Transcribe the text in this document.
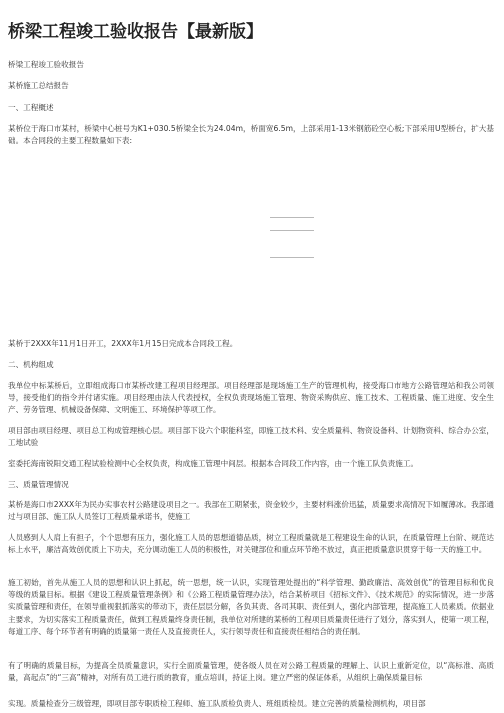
桥梁工程竣工验收报告【最新版】

桥梁工程竣工验收报告

某桥施工总结报告

一、工程概述

某桥位于海口市某村，桥梁中心桩号为K1+030.5桥梁全长为24.04m，桥面宽6.5m，上部采用1-13米钢筋砼空心板;下部采用U型桥台，扩大基础。本合同段的主要工程数量如下表:

某桥于2XXX年11月1日开工，2XXX年1月15日完成本合同段工程。

二、机构组成

我单位中标某桥后，立即组成海口市某桥改建工程项目经理部。项目经理部是现场施工生产的管理机构，接受海口市地方公路管理站和我公司领导，接受他们的指令并付诸实施。项目经理由法人代表授权，全权负责现场施工管理、物资采购供应、施工技术、工程质量、施工进度、安全生产、劳务管理、机械设备保障、文明施工、环境保护等项工作。

项目部由项目经理、项目总工构成管理核心层。项目部下设六个职能科室，即施工技术科、安全质量科、物资设备科、计划物资科、综合办公室，工地试验

室委托海南锐阳交通工程试验检测中心全权负责，构成施工管理中间层。根据本合同段工作内容，由一个施工队负责施工。

三、质量管理情况

某桥是海口市2XXX年为民办实事农村公路建设项目之一。我部在工期紧张，资金较少，主要材料涨价迅猛，质量要求高情况下如履薄冰。我部通过与项目部、施工队人员签订工程质量承诺书，使施工

人员感到人人肩上有担子，个个思想有压力，强化施工人员的思想道德品质，树立工程质量就是工程建设生命的认识，在质量管理上台阶、规范达标上水平，廉洁高效创优质上下功夫，充分调动施工人员的积极性，对关键部位和重点环节绝不放过，真正把质量意识贯穿于每一天的施工中。

施工初始，首先从施工人员的思想和认识上抓起，统一思想，统一认识，实现管理处提出的“科学管理、勤政廉洁、高效创优”的管理目标和优良等级的质量目标。根据《建设工程质量管理条例》和《公路工程质量管理办法》，结合某桥项目《招标文件》、《技术规范》的实际情况，进一步落实质量管理和责任，在领导重视狠抓落实的带动下，责任层层分解，各负其责、各司其职、责任到人，强化内部管理，提高施工人员素质。依据业主要求，为切实落实工程质量责任，做到工程质量终身责任制，我单位对所建的某桥的工程项目质量责任进行了划分，落实到人，使第一项工程，每道工序、每个环节者有明确的质量第一责任人及直接责任人，实行领导责任和直接责任相结合的责任制。

有了明确的质量目标，为提高全员质量意识，实行全面质量管理，使各级人员在对公路工程质量的理解上、认识上重新定位，以“高标准、高质量，高起点”的“三高”精神，对所有员工进行质的教育，重点培训，持证上岗。建立严密的保证体系，从组织上确保质量目标

实现。质量检查分三级管理，即项目部专职质检工程师、施工队质检负责人、班组质检员。建立完善的质量检测机构，项目部
